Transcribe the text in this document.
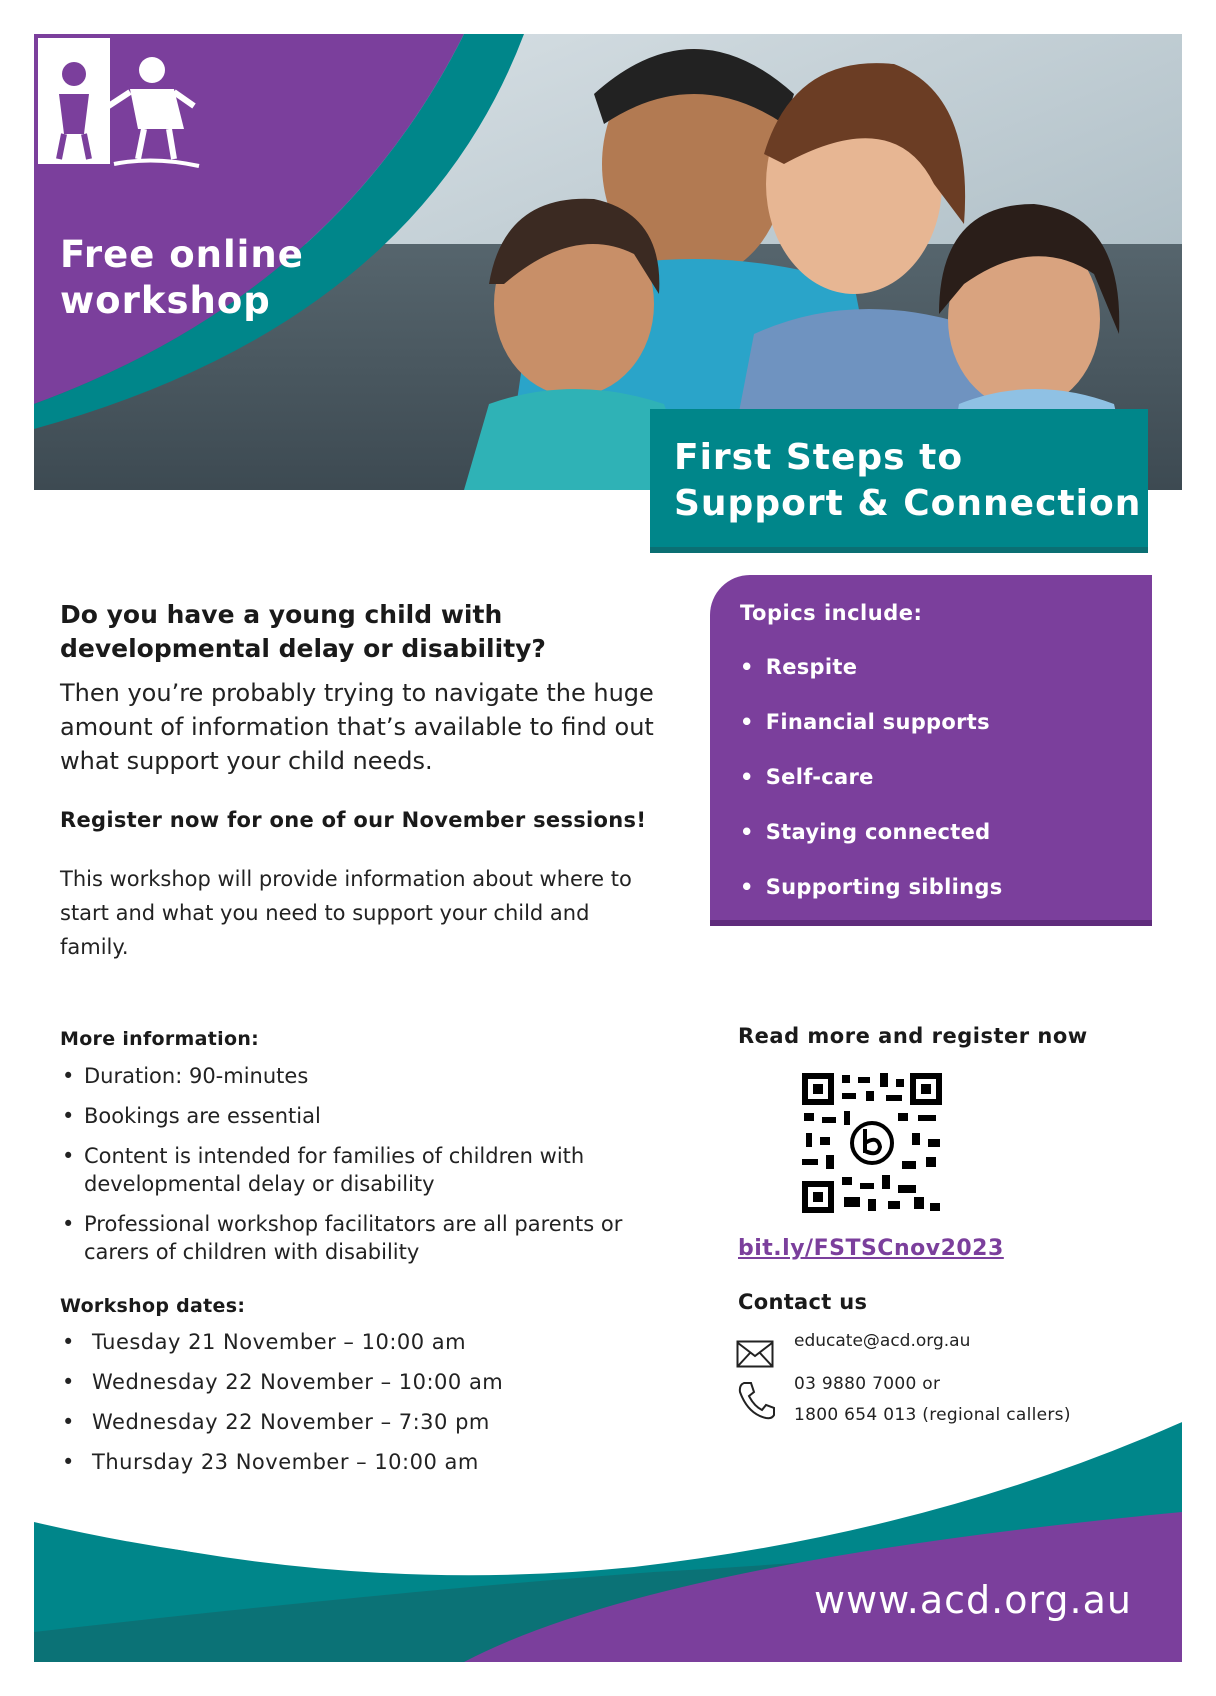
Free online
workshop
First Steps to
Support & Connection
Do you have a young child with
developmental delay or disability?
Then you’re probably trying to navigate the huge amount of information that’s available to find out what support your child needs.
Register now for one of our November sessions!
This workshop will provide information about where to start and what you need to support your child and family.
Topics include:
• Respite
• Financial supports
• Self-care
• Staying connected
• Supporting siblings
More information:
• Duration: 90-minutes
• Bookings are essential
• Content is intended for families of children with developmental delay or disability
• Professional workshop facilitators are all parents or carers of children with disability
Workshop dates:
• Tuesday 21 November – 10:00 am
• Wednesday 22 November – 10:00 am
• Wednesday 22 November – 7:30 pm
• Thursday 23 November – 10:00 am
Read more and register now
bit.ly/FSTSCnov2023
Contact us
educate@acd.org.au
03 9880 7000 or
1800 654 013 (regional callers)
www.acd.org.au
